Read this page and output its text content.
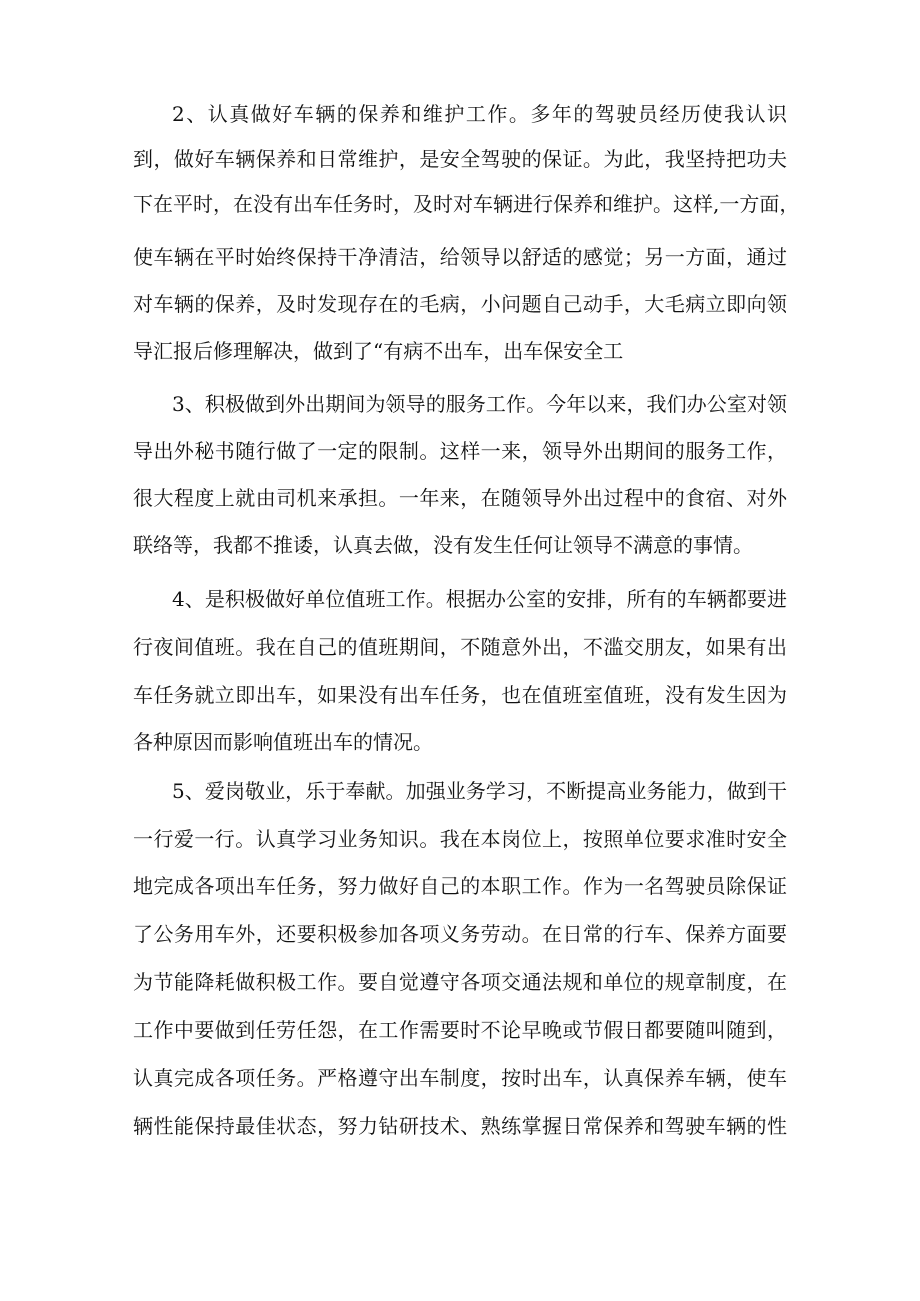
2、认真做好车辆的保养和维护工作。多年的驾驶员经历使我认识
到，做好车辆保养和日常维护，是安全驾驶的保证。为此，我坚持把功夫
下在平时，在没有出车任务时，及时对车辆进行保养和维护。这样,一方面，
使车辆在平时始终保持干净清洁，给领导以舒适的感觉；另一方面，通过
对车辆的保养，及时发现存在的毛病，小问题自己动手，大毛病立即向领
导汇报后修理解决，做到了“有病不出车，出车保安全工
3、积极做到外出期间为领导的服务工作。今年以来，我们办公室对领
导出外秘书随行做了一定的限制。这样一来，领导外出期间的服务工作，
很大程度上就由司机来承担。一年来，在随领导外出过程中的食宿、对外
联络等，我都不推诿，认真去做，没有发生任何让领导不满意的事情。
4、是积极做好单位值班工作。根据办公室的安排，所有的车辆都要进
行夜间值班。我在自己的值班期间，不随意外出，不滥交朋友，如果有出
车任务就立即出车，如果没有出车任务，也在值班室值班，没有发生因为
各种原因而影响值班出车的情况。
5、爱岗敬业，乐于奉献。加强业务学习，不断提高业务能力，做到干
一行爱一行。认真学习业务知识。我在本岗位上，按照单位要求准时安全
地完成各项出车任务，努力做好自己的本职工作。作为一名驾驶员除保证
了公务用车外，还要积极参加各项义务劳动。在日常的行车、保养方面要
为节能降耗做积极工作。要自觉遵守各项交通法规和单位的规章制度，在
工作中要做到任劳任怨，在工作需要时不论早晚或节假日都要随叫随到，
认真完成各项任务。严格遵守出车制度，按时出车，认真保养车辆，使车
辆性能保持最佳状态，努力钻研技术、熟练掌握日常保养和驾驶车辆的性
